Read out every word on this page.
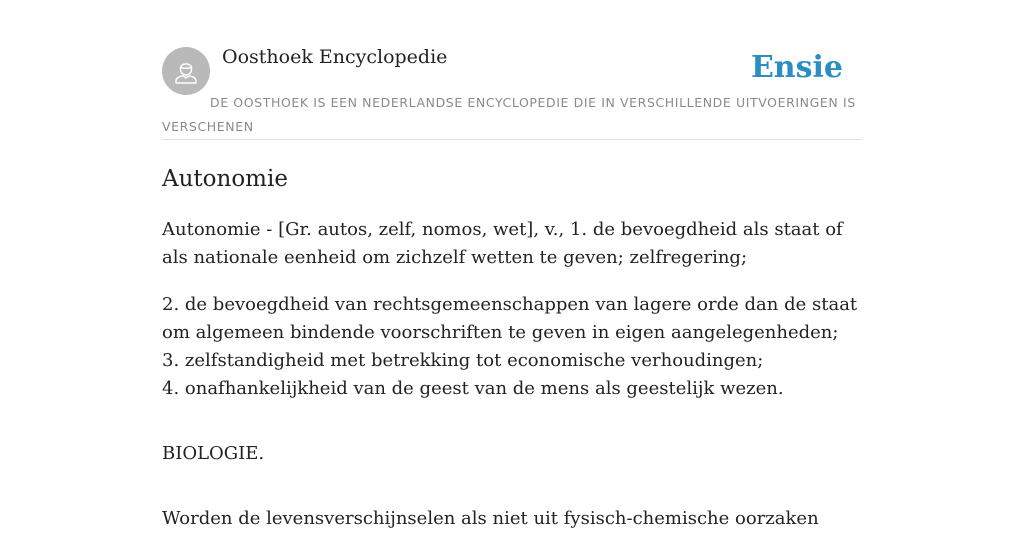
Oosthoek Encyclopedie	Ensie
DE OOSTHOEK IS EEN NEDERLANDSE ENCYCLOPEDIE DIE IN VERSCHILLENDE UITVOERINGEN IS VERSCHENEN
Autonomie

Autonomie - [Gr. autos, zelf, nomos, wet], v., 1. de bevoegdheid als staat of als nationale eenheid om zichzelf wetten te geven; zelfregering;

2. de bevoegdheid van rechtsgemeenschappen van lagere orde dan de staat om algemeen bindende voorschriften te geven in eigen aangelegenheden;
3. zelfstandigheid met betrekking tot economische verhoudingen;
4. onafhankelijkheid van de geest van de mens als geestelijk wezen.

BIOLOGIE.

Worden de levensverschijnselen als niet uit fysisch-chemische oorzaken
